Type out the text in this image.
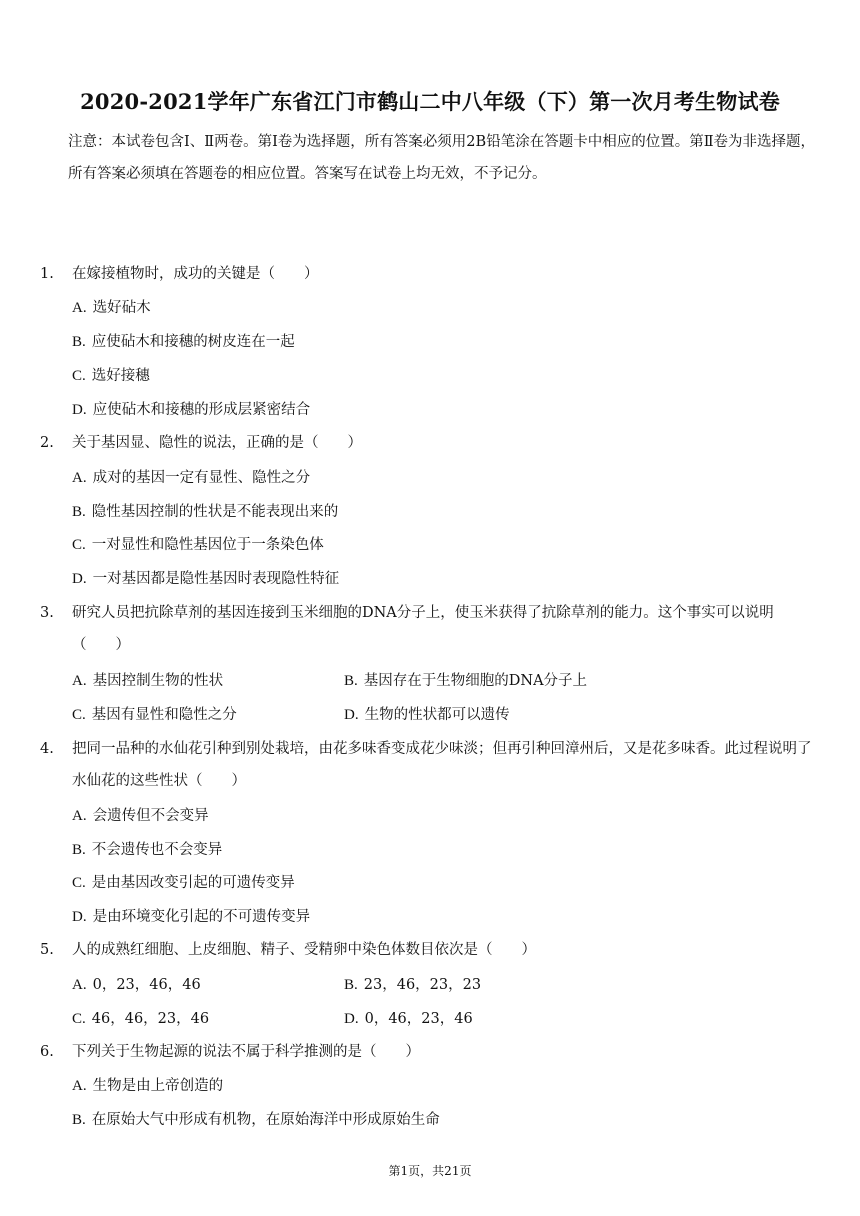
2020-2021学年广东省江门市鹤山二中八年级（下）第一次月考生物试卷
注意：本试卷包含Ⅰ、Ⅱ两卷。第Ⅰ卷为选择题，所有答案必须用2B铅笔涂在答题卡中相应的位置。第Ⅱ卷为非选择题，所有答案必须填在答题卷的相应位置。答案写在试卷上均无效，不予记分。
1.	在嫁接植物时，成功的关键是（　　）
A. 选好砧木
B. 应使砧木和接穗的树皮连在一起
C. 选好接穗
D. 应使砧木和接穗的形成层紧密结合
2.	关于基因显、隐性的说法，正确的是（　　）
A. 成对的基因一定有显性、隐性之分
B. 隐性基因控制的性状是不能表现出来的
C. 一对显性和隐性基因位于一条染色体
D. 一对基因都是隐性基因时表现隐性特征
3.	研究人员把抗除草剂的基因连接到玉米细胞的DNA分子上，使玉米获得了抗除草剂的能力。这个事实可以说明（　　）
A. 基因控制生物的性状	B. 基因存在于生物细胞的DNA分子上
C. 基因有显性和隐性之分	D. 生物的性状都可以遗传
4.	把同一品种的水仙花引种到别处栽培，由花多味香变成花少味淡；但再引种回漳州后，又是花多味香。此过程说明了水仙花的这些性状（　　）
A. 会遗传但不会变异
B. 不会遗传也不会变异
C. 是由基因改变引起的可遗传变异
D. 是由环境变化引起的不可遗传变异
5.	人的成熟红细胞、上皮细胞、精子、受精卵中染色体数目依次是（　　）
A. 0，23，46，46	B. 23，46，23，23
C. 46，46，23，46	D. 0，46，23，46
6.	下列关于生物起源的说法不属于科学推测的是（　　）
A. 生物是由上帝创造的
B. 在原始大气中形成有机物，在原始海洋中形成原始生命
第1页，共21页
